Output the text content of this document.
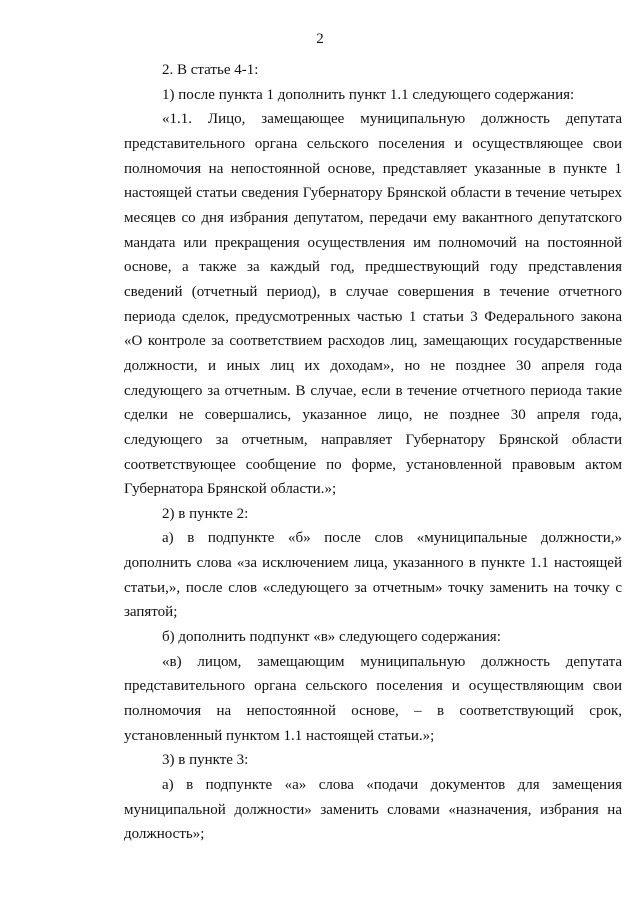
2

2. В статье 4-1:

1) после пункта 1 дополнить пункт 1.1 следующего содержания:

«1.1. Лицо, замещающее муниципальную должность депутата представительного органа сельского поселения и осуществляющее свои полномочия на непостоянной основе, представляет указанные в пункте 1 настоящей статьи сведения Губернатору Брянской области в течение четырех месяцев со дня избрания депутатом, передачи ему вакантного депутатского мандата или прекращения осуществления им полномочий на постоянной основе, а также за каждый год, предшествующий году представления сведений (отчетный период), в случае совершения в течение отчетного периода сделок, предусмотренных частью 1 статьи 3 Федерального закона «О контроле за соответствием расходов лиц, замещающих государственные должности, и иных лиц их доходам», но не позднее 30 апреля года следующего за отчетным. В случае, если в течение отчетного периода такие сделки не совершались, указанное лицо, не позднее 30 апреля года, следующего за отчетным, направляет Губернатору Брянской области соответствующее сообщение по форме, установленной правовым актом Губернатора Брянской области.»;

2) в пункте 2:

а) в подпункте «б» после слов «муниципальные должности,» дополнить слова «за исключением лица, указанного в пункте 1.1 настоящей статьи,», после слов «следующего за отчетным» точку заменить на точку с запятой;

б) дополнить подпункт «в» следующего содержания:

«в) лицом, замещающим муниципальную должность депутата представительного органа сельского поселения и осуществляющим свои полномочия на непостоянной основе, – в соответствующий срок, установленный пунктом 1.1 настоящей статьи.»;

3) в пункте 3:

а) в подпункте «а» слова «подачи документов для замещения муниципальной должности» заменить словами «назначения, избрания на должность»;
